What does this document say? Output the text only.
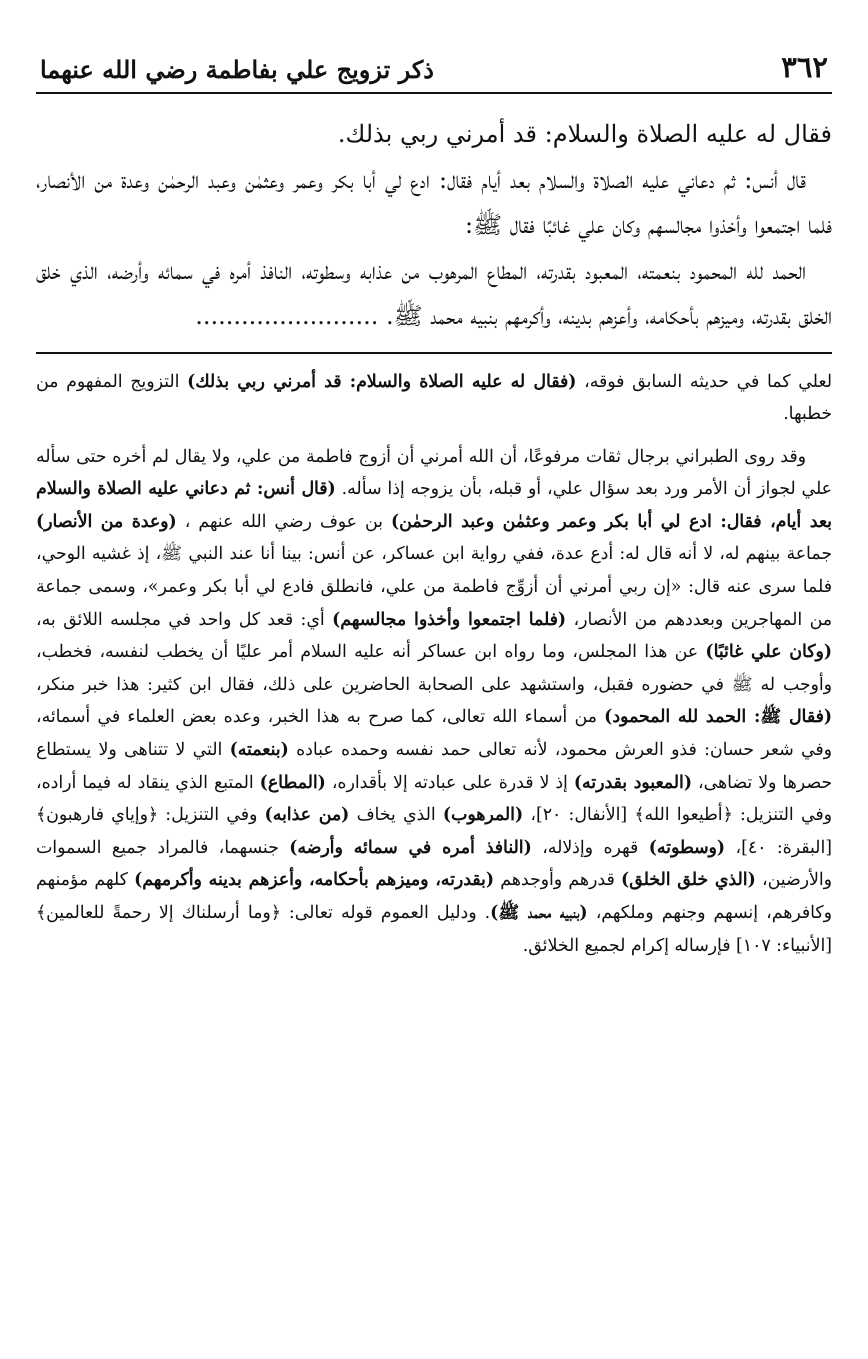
٣٦٢
ذكر تزويج علي بفاطمة رضي الله عنهما

فقال له عليه الصلاة والسلام: قد أمرني ربي بذلك.

قال أنس: ثم دعاني عليه الصلاة والسلام بعد أيام فقال: ادع لي أبا بكر وعمر وعثمٰن وعبد الرحمٰن وعدة من الأنصار، فلما اجتمعوا وأخذوا مجالسهم وكان علي غائبًا فقال ﷺ:

الحمد لله المحمود بنعمته، المعبود بقدرته، المطاع المرهوب من عذابه وسطوته، النافذ أمره في سمائه وأرضه، الذي خلق الخلق بقدرته، وميزهم بأحكامه، وأعزهم بدينه، وأكرمهم بنبيه محمد ﷺ. ........................

لعلي كما في حديثه السابق فوقه، (فقال له عليه الصلاة والسلام: قد أمرني ربي بذلك) التزويج المفهوم من خطبها.

وقد روى الطبراني برجال ثقات مرفوعًا، أن الله أمرني أن أزوج فاطمة من علي، ولا يقال لم أخره حتى سأله علي لجواز أن الأمر ورد بعد سؤال علي، أو قبله، بأن يزوجه إذا سأله. (قال أنس: ثم دعاني عليه الصلاة والسلام بعد أيام، فقال: ادع لي أبا بكر وعمر وعثمٰن وعبد الرحمٰن) بن عوف رضي الله عنهم ، (وعدة من الأنصار) جماعة بينهم له، لا أنه قال له: أدع عدة، ففي رواية ابن عساكر، عن أنس: بينا أنا عند النبي ﷺ، إذ غشيه الوحي، فلما سرى عنه قال: «إن ربي أمرني أن أزوِّج فاطمة من علي، فانطلق فادع لي أبا بكر وعمر»، وسمى جماعة من المهاجرين وبعددهم من الأنصار، (فلما اجتمعوا وأخذوا مجالسهم) أي: قعد كل واحد في مجلسه اللائق به، (وكان علي غائبًا) عن هذا المجلس، وما رواه ابن عساكر أنه عليه السلام أمر عليًا أن يخطب لنفسه، فخطب، وأوجب له ﷺ في حضوره فقبل، واستشهد على الصحابة الحاضرين على ذلك، فقال ابن كثير: هذا خبر منكر، (فقال ﷺ: الحمد لله المحمود) من أسماء الله تعالى، كما صرح به هذا الخبر، وعده بعض العلماء في أسمائه، وفي شعر حسان: فذو العرش محمود، لأنه تعالى حمد نفسه وحمده عباده (بنعمته) التي لا تتناهى ولا يستطاع حصرها ولا تضاهى، (المعبود بقدرته) إذ لا قدرة على عبادته إلا بأقداره، (المطاع) المتبع الذي ينقاد له فيما أراده، وفي التنزيل: ﴿أطيعوا الله﴾ [الأنفال: ٢٠]، (المرهوب) الذي يخاف (من عذابه) وفي التنزيل: ﴿وإياي فارهبون﴾ [البقرة: ٤٠]، (وسطوته) قهره وإذلاله، (النافذ أمره في سمائه وأرضه) جنسهما، فالمراد جميع السموات والأرضين، (الذي خلق الخلق) قدرهم وأوجدهم (بقدرته، وميزهم بأحكامه، وأعزهم بدينه وأكرمهم) كلهم مؤمنهم وكافرهم، إنسهم وجنهم وملكهم، (بنبيه محمد ﷺ). ودليل العموم قوله تعالى: ﴿وما أرسلناك إلا رحمةً للعالمين﴾ [الأنبياء: ١٠٧] فإرساله إكرام لجميع الخلائق.
